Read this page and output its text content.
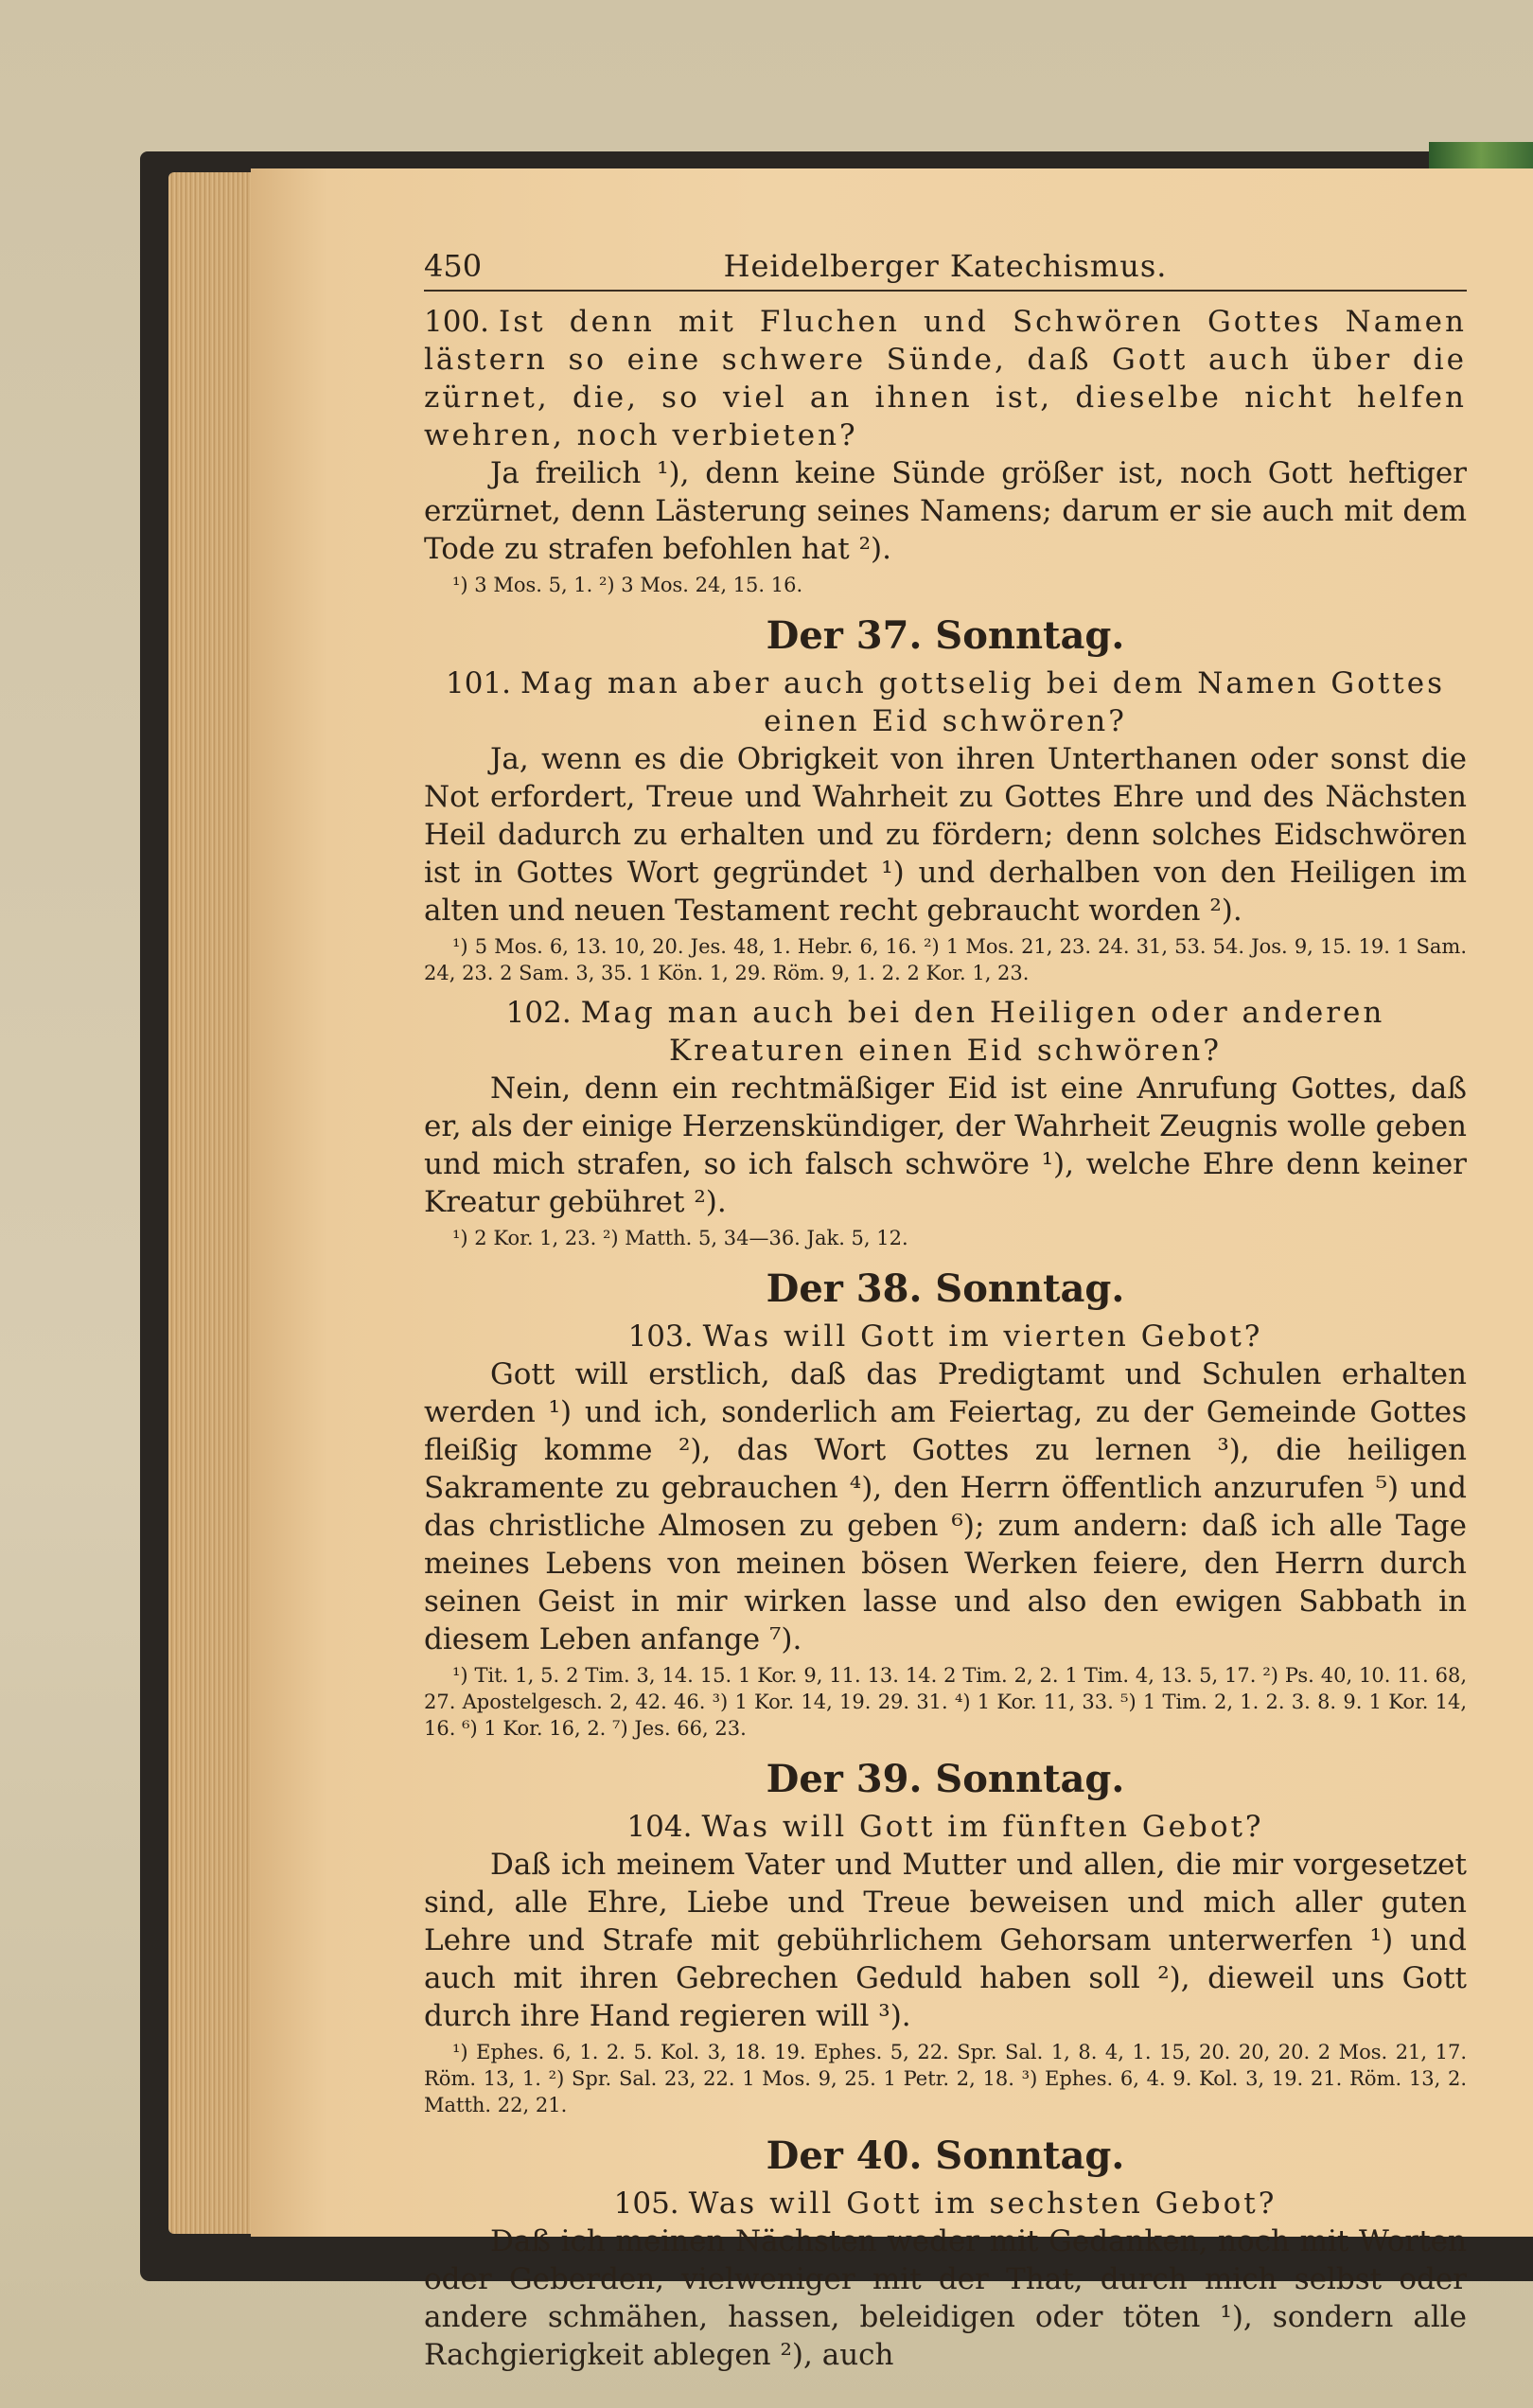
450	Heidelberger Katechismus.

100. Ist denn mit Fluchen und Schwören Gottes Namen lästern so eine schwere Sünde, daß Gott auch über die zürnet, die, so viel an ihnen ist, dieselbe nicht helfen wehren, noch verbieten?

Ja freilich ¹), denn keine Sünde größer ist, noch Gott heftiger erzürnet, denn Lästerung seines Namens; darum er sie auch mit dem Tode zu strafen befohlen hat ²).

¹) 3 Mos. 5, 1. ²) 3 Mos. 24, 15. 16.

Der 37. Sonntag.

101. Mag man aber auch gottselig bei dem Namen Gottes einen Eid schwören?

Ja, wenn es die Obrigkeit von ihren Unterthanen oder sonst die Not erfordert, Treue und Wahrheit zu Gottes Ehre und des Nächsten Heil dadurch zu erhalten und zu fördern; denn solches Eidschwören ist in Gottes Wort gegründet ¹) und derhalben von den Heiligen im alten und neuen Testament recht gebraucht worden ²).

¹) 5 Mos. 6, 13. 10, 20. Jes. 48, 1. Hebr. 6, 16. ²) 1 Mos. 21, 23. 24. 31, 53. 54. Jos. 9, 15. 19. 1 Sam. 24, 23. 2 Sam. 3, 35. 1 Kön. 1, 29. Röm. 9, 1. 2. 2 Kor. 1, 23.

102. Mag man auch bei den Heiligen oder anderen Kreaturen einen Eid schwören?

Nein, denn ein rechtmäßiger Eid ist eine Anrufung Gottes, daß er, als der einige Herzenskündiger, der Wahrheit Zeugnis wolle geben und mich strafen, so ich falsch schwöre ¹), welche Ehre denn keiner Kreatur gebühret ²).

¹) 2 Kor. 1, 23. ²) Matth. 5, 34—36. Jak. 5, 12.

Der 38. Sonntag.

103. Was will Gott im vierten Gebot?

Gott will erstlich, daß das Predigtamt und Schulen erhalten werden ¹) und ich, sonderlich am Feiertag, zu der Gemeinde Gottes fleißig komme ²), das Wort Gottes zu lernen ³), die heiligen Sakramente zu gebrauchen ⁴), den Herrn öffentlich anzurufen ⁵) und das christliche Almosen zu geben ⁶); zum andern: daß ich alle Tage meines Lebens von meinen bösen Werken feiere, den Herrn durch seinen Geist in mir wirken lasse und also den ewigen Sabbath in diesem Leben anfange ⁷).

¹) Tit. 1, 5. 2 Tim. 3, 14. 15. 1 Kor. 9, 11. 13. 14. 2 Tim. 2, 2. 1 Tim. 4, 13. 5, 17. ²) Ps. 40, 10. 11. 68, 27. Apostelgesch. 2, 42. 46. ³) 1 Kor. 14, 19. 29. 31. ⁴) 1 Kor. 11, 33. ⁵) 1 Tim. 2, 1. 2. 3. 8. 9. 1 Kor. 14, 16. ⁶) 1 Kor. 16, 2. ⁷) Jes. 66, 23.

Der 39. Sonntag.

104. Was will Gott im fünften Gebot?

Daß ich meinem Vater und Mutter und allen, die mir vorgesetzet sind, alle Ehre, Liebe und Treue beweisen und mich aller guten Lehre und Strafe mit gebührlichem Gehorsam unterwerfen ¹) und auch mit ihren Gebrechen Geduld haben soll ²), dieweil uns Gott durch ihre Hand regieren will ³).

¹) Ephes. 6, 1. 2. 5. Kol. 3, 18. 19. Ephes. 5, 22. Spr. Sal. 1, 8. 4, 1. 15, 20. 20, 20. 2 Mos. 21, 17. Röm. 13, 1. ²) Spr. Sal. 23, 22. 1 Mos. 9, 25. 1 Petr. 2, 18. ³) Ephes. 6, 4. 9. Kol. 3, 19. 21. Röm. 13, 2. Matth. 22, 21.

Der 40. Sonntag.

105. Was will Gott im sechsten Gebot?

Daß ich meinen Nächsten weder mit Gedanken, noch mit Worten oder Geberden, vielweniger mit der That, durch mich selbst oder andere schmähen, hassen, beleidigen oder töten ¹), sondern alle Rachgierigkeit ablegen ²), auch
